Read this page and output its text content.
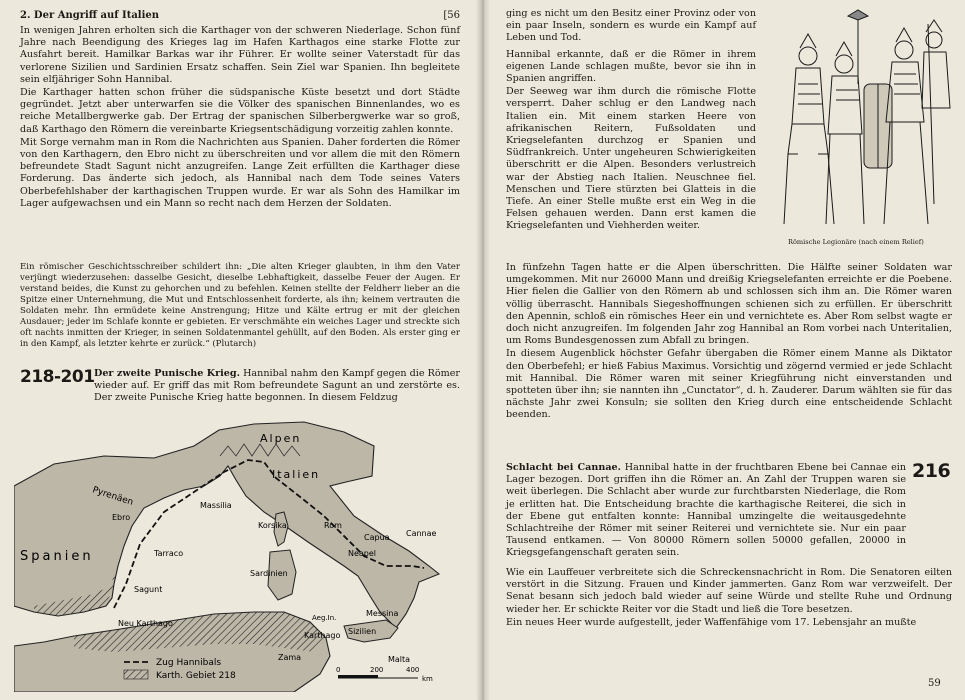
2. Der Angriff auf Italien	[56

In wenigen Jahren erholten sich die Karthager von der schweren Niederlage. Schon fünf Jahre nach Beendigung des Krieges lag im Hafen Karthagos eine starke Flotte zur Ausfahrt bereit. Hamilkar Barkas war ihr Führer. Er wollte seiner Vaterstadt für das verlorene Sizilien und Sardinien Ersatz schaffen. Sein Ziel war Spanien. Ihn begleitete sein elfjähriger Sohn Hannibal.

Die Karthager hatten schon früher die südspanische Küste besetzt und dort Städte gegründet. Jetzt aber unterwarfen sie die Völker des spanischen Binnenlandes, wo es reiche Metallbergwerke gab. Der Ertrag der spanischen Silberbergwerke war so groß, daß Karthago den Römern die vereinbarte Kriegsentschädigung vorzeitig zahlen konnte.

Mit Sorge vernahm man in Rom die Nachrichten aus Spanien. Daher forderten die Römer von den Karthagern, den Ebro nicht zu überschreiten und vor allem die mit den Römern befreundete Stadt Sagunt nicht anzugreifen. Lange Zeit erfüllten die Karthager diese Forderung. Das änderte sich jedoch, als Hannibal nach dem Tode seines Vaters Oberbefehlshaber der karthagischen Truppen wurde. Er war als Sohn des Hamilkar im Lager aufgewachsen und ein Mann so recht nach dem Herzen der Soldaten.

Ein römischer Geschichtsschreiber schildert ihn: „Die alten Krieger glaubten, in ihm den Vater verjüngt wiederzusehen: dasselbe Gesicht, dieselbe Lebhaftigkeit, dasselbe Feuer der Augen. Er verstand beides, die Kunst zu gehorchen und zu befehlen. Keinen stellte der Feldherr lieber an die Spitze einer Unternehmung, die Mut und Entschlossenheit forderte, als ihn; keinem vertrauten die Soldaten mehr. Ihn ermüdete keine Anstrengung; Hitze und Kälte ertrug er mit der gleichen Ausdauer; jeder im Schlafe konnte er gebieten. Er verschmähte ein weiches Lager und streckte sich oft nachts inmitten der Krieger, in seinen Soldatenmantel gehüllt, auf den Boden. Als erster ging er in den Kampf, als letzter kehrte er zurück.“ (Plutarch)
218-201 Der zweite Punische Krieg. Hannibal nahm den Kampf gegen die Römer wieder auf. Er griff das mit Rom befreundete Sagunt an und zerstörte es. Der zweite Punische Krieg hatte begonnen. In diesem Feldzug
Alpen
Italien
Pyrenäen
Ebro
Massilia
Spanien	Tarraco
Korsika	Rom
Capua Cannae
Neapel
Sardinien
Sagunt
Neu Karthago
Aeg.In.	Messina
Sizilien
Karthago
Zama	Malta
Zug Hannibals
Karth. Gebiet 218
0	200	400
km

ging es nicht um den Besitz einer Provinz oder von ein paar Inseln, sondern es wurde ein Kampf auf Leben und Tod.

Hannibal erkannte, daß er die Römer in ihrem eigenen Lande schlagen mußte, bevor sie ihn in Spanien angriffen.

Der Seeweg war ihm durch die römische Flotte versperrt. Daher schlug er den Landweg nach Italien ein. Mit einem starken Heere von afrikanischen Reitern, Fußsoldaten und Kriegselefanten durchzog er Spanien und Südfrankreich. Unter ungeheuren Schwierigkeiten überschritt er die Alpen. Besonders verlustreich war der Abstieg nach Italien. Neuschnee fiel. Menschen und Tiere stürzten bei Glatteis in die Tiefe. An einer Stelle mußte erst ein Weg in die Felsen gehauen werden. Dann erst kamen die Kriegselefanten und Viehherden weiter.

Römische Legionäre (nach einem Relief)

In fünfzehn Tagen hatte er die Alpen überschritten. Die Hälfte seiner Soldaten war umgekommen. Mit nur 26000 Mann und dreißig Kriegselefanten erreichte er die Poebene. Hier fielen die Gallier von den Römern ab und schlossen sich ihm an. Die Römer waren völlig überrascht. Hannibals Siegeshoffnungen schienen sich zu erfüllen. Er überschritt den Apennin, schloß ein römisches Heer ein und vernichtete es. Aber Rom selbst wagte er doch nicht anzugreifen. Im folgenden Jahr zog Hannibal an Rom vorbei nach Unteritalien, um Roms Bundesgenossen zum Abfall zu bringen.

In diesem Augenblick höchster Gefahr übergaben die Römer einem Manne als Diktator den Oberbefehl; er hieß Fabius Maximus. Vorsichtig und zögernd vermied er jede Schlacht mit Hannibal. Die Römer waren mit seiner Kriegführung nicht einverstanden und spotteten über ihn; sie nannten ihn „Cunctator“, d. h. Zauderer. Darum wählten sie für das nächste Jahr zwei Konsuln; sie sollten den Krieg durch eine entscheidende Schlacht beenden.

Schlacht bei Cannae. Hannibal hatte in der fruchtbaren Ebene bei Cannae ein Lager bezogen. Dort griffen ihn die Römer an. An Zahl der Truppen waren sie weit überlegen. Die Schlacht aber wurde zur furchtbarsten Niederlage, die Rom je erlitten hat. Die Entscheidung brachte die karthagische Reiterei, die sich in der Ebene gut entfalten konnte: Hannibal umzingelte die weitausgedehnte Schlachtreihe der Römer mit seiner Reiterei und vernichtete sie. Nur ein paar Tausend entkamen. — Von 80000 Römern sollen 50000 gefallen, 20000 in Kriegsgefangenschaft geraten sein.
216

Wie ein Lauffeuer verbreitete sich die Schreckensnachricht in Rom. Die Senatoren eilten verstört in die Sitzung. Frauen und Kinder jammerten. Ganz Rom war verzweifelt. Der Senat besann sich jedoch bald wieder auf seine Würde und stellte Ruhe und Ordnung wieder her. Er schickte Reiter vor die Stadt und ließ die Tore besetzen.

Ein neues Heer wurde aufgestellt, jeder Waffenfähige vom 17. Lebensjahr an mußte

59
